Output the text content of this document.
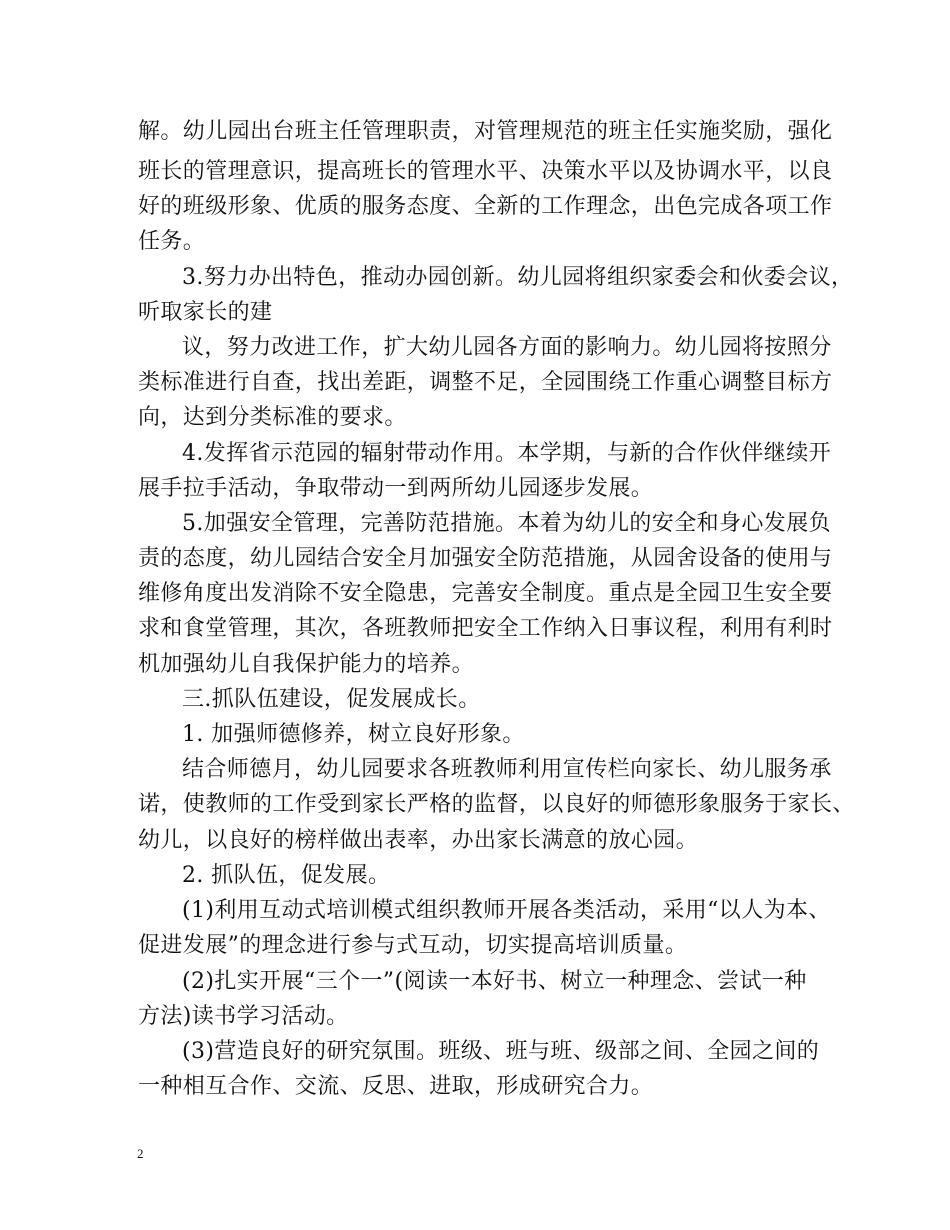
解。幼儿园出台班主任管理职责，对管理规范的班主任实施奖励，强化
班长的管理意识，提高班长的管理水平、决策水平以及协调水平，以良
好的班级形象、优质的服务态度、全新的工作理念，出色完成各项工作
任务。
3.努力办出特色，推动办园创新。幼儿园将组织家委会和伙委会议，
听取家长的建
议，努力改进工作，扩大幼儿园各方面的影响力。幼儿园将按照分
类标准进行自查，找出差距，调整不足，全园围绕工作重心调整目标方
向，达到分类标准的要求。
4.发挥省示范园的辐射带动作用。本学期，与新的合作伙伴继续开
展手拉手活动，争取带动一到两所幼儿园逐步发展。
5.加强安全管理，完善防范措施。本着为幼儿的安全和身心发展负
责的态度，幼儿园结合安全月加强安全防范措施，从园舍设备的使用与
维修角度出发消除不安全隐患，完善安全制度。重点是全园卫生安全要
求和食堂管理，其次，各班教师把安全工作纳入日事议程，利用有利时
机加强幼儿自我保护能力的培养。
三.抓队伍建设，促发展成长。
1. 加强师德修养，树立良好形象。
结合师德月，幼儿园要求各班教师利用宣传栏向家长、幼儿服务承
诺，使教师的工作受到家长严格的监督，以良好的师德形象服务于家长、
幼儿，以良好的榜样做出表率，办出家长满意的放心园。
2. 抓队伍，促发展。
(1)利用互动式培训模式组织教师开展各类活动，采用“以人为本、
促进发展”的理念进行参与式互动，切实提高培训质量。
(2)扎实开展“三个一”(阅读一本好书、树立一种理念、尝试一种
方法)读书学习活动。
(3)营造良好的研究氛围。班级、班与班、级部之间、全园之间的
一种相互合作、交流、反思、进取，形成研究合力。
2
